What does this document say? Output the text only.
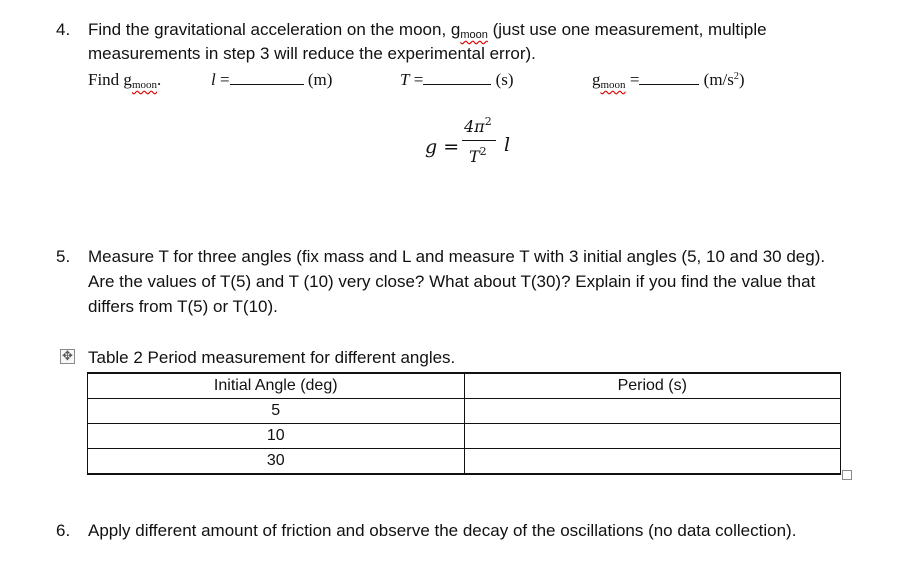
4. Find the gravitational acceleration on the moon, $g_{moon}$ (just use one measurement, multiple
measurements in step 3 will reduce the experimental error).
Find $g_{moon}$.	l =	(m)	T =	(s)	$g_{moon}$ =	$(m/s^2)$
g =
$4\pi^2$
$T^2$ l
5. Measure T for three angles (fix mass and L and measure T with 3 initial angles (5, 10 and 30 deg).
Are the values of T(5) and T (10) very close? What about T(30)? Explain if you find the value that
differs from T(5) or T(10).
✥ Table 2 Period measurement for different angles.
Initial Angle (deg)	Period (s)
5	
10	
30	
6. Apply different amount of friction and observe the decay of the oscillations (no data collection).
